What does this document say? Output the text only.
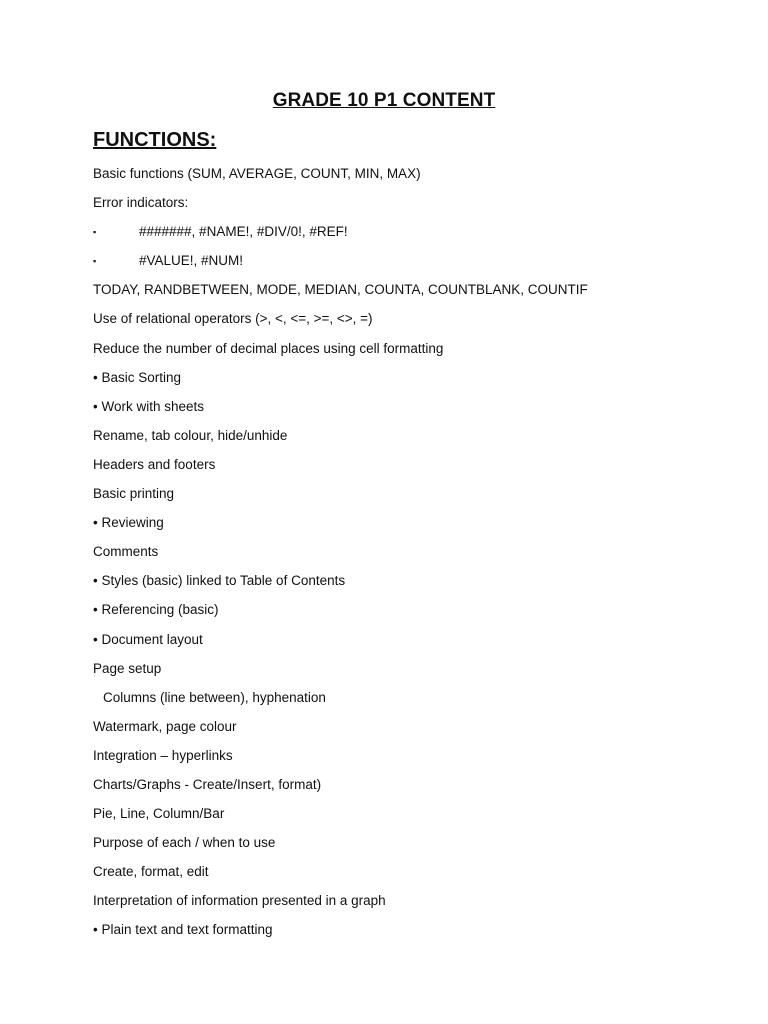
GRADE 10 P1 CONTENT
FUNCTIONS:
Basic functions (SUM, AVERAGE, COUNT, MIN, MAX)
Error indicators:
▪	#######, #NAME!, #DIV/0!, #REF!
▪	#VALUE!, #NUM!
TODAY, RANDBETWEEN, MODE, MEDIAN, COUNTA, COUNTBLANK, COUNTIF
Use of relational operators (>, <, <=, >=, <>, =)
Reduce the number of decimal places using cell formatting
• Basic Sorting
• Work with sheets
Rename, tab colour, hide/unhide
Headers and footers
Basic printing
• Reviewing
Comments
• Styles (basic) linked to Table of Contents
• Referencing (basic)
• Document layout
Page setup
Columns (line between), hyphenation
Watermark, page colour
Integration – hyperlinks
Charts/Graphs - Create/Insert, format)
Pie, Line, Column/Bar
Purpose of each / when to use
Create, format, edit
Interpretation of information presented in a graph
• Plain text and text formatting
